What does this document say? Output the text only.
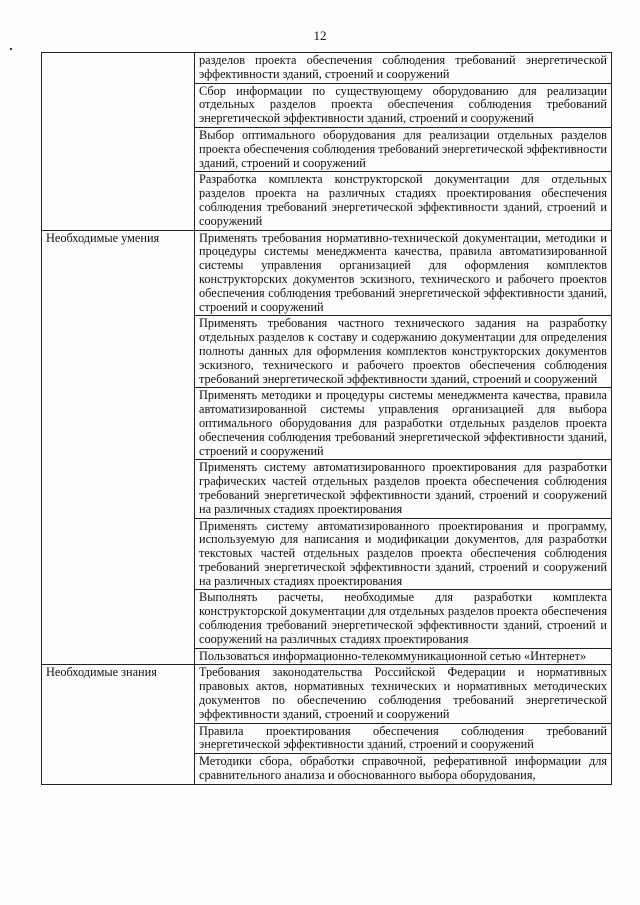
12
	разделов проекта обеспечения соблюдения требований энергетической эффективности зданий, строений и сооружений
	Сбор информации по существующему оборудованию для реализации отдельных разделов проекта обеспечения соблюдения требований энергетической эффективности зданий, строений и сооружений
	Выбор оптимального оборудования для реализации отдельных разделов проекта обеспечения соблюдения требований энергетической эффективности зданий, строений и сооружений
	Разработка комплекта конструкторской документации для отдельных разделов проекта на различных стадиях проектирования обеспечения соблюдения требований энергетической эффективности зданий, строений и сооружений
Необходимые умения	Применять требования нормативно-технической документации, методики и процедуры системы менеджмента качества, правила автоматизированной системы управления организацией для оформления комплектов конструкторских документов эскизного, технического и рабочего проектов обеспечения соблюдения требований энергетической эффективности зданий, строений и сооружений
	Применять требования частного технического задания на разработку отдельных разделов к составу и содержанию документации для определения полноты данных для оформления комплектов конструкторских документов эскизного, технического и рабочего проектов обеспечения соблюдения требований энергетической эффективности зданий, строений и сооружений
	Применять методики и процедуры системы менеджмента качества, правила автоматизированной системы управления организацией для выбора оптимального оборудования для разработки отдельных разделов проекта обеспечения соблюдения требований энергетической эффективности зданий, строений и сооружений
	Применять систему автоматизированного проектирования для разработки графических частей отдельных разделов проекта обеспечения соблюдения требований энергетической эффективности зданий, строений и сооружений на различных стадиях проектирования
	Применять систему автоматизированного проектирования и программу, используемую для написания и модификации документов, для разработки текстовых частей отдельных разделов проекта обеспечения соблюдения требований энергетической эффективности зданий, строений и сооружений на различных стадиях проектирования
	Выполнять расчеты, необходимые для разработки комплекта конструкторской документации для отдельных разделов проекта обеспечения соблюдения требований энергетической эффективности зданий, строений и сооружений на различных стадиях проектирования
	Пользоваться информационно-телекоммуникационной сетью «Интернет»
Необходимые знания	Требования законодательства Российской Федерации и нормативных правовых актов, нормативных технических и нормативных методических документов по обеспечению соблюдения требований энергетической эффективности зданий, строений и сооружений
	Правила проектирования обеспечения соблюдения требований энергетической эффективности зданий, строений и сооружений
	Методики сбора, обработки справочной, реферативной информации для сравнительного анализа и обоснованного выбора оборудования,
